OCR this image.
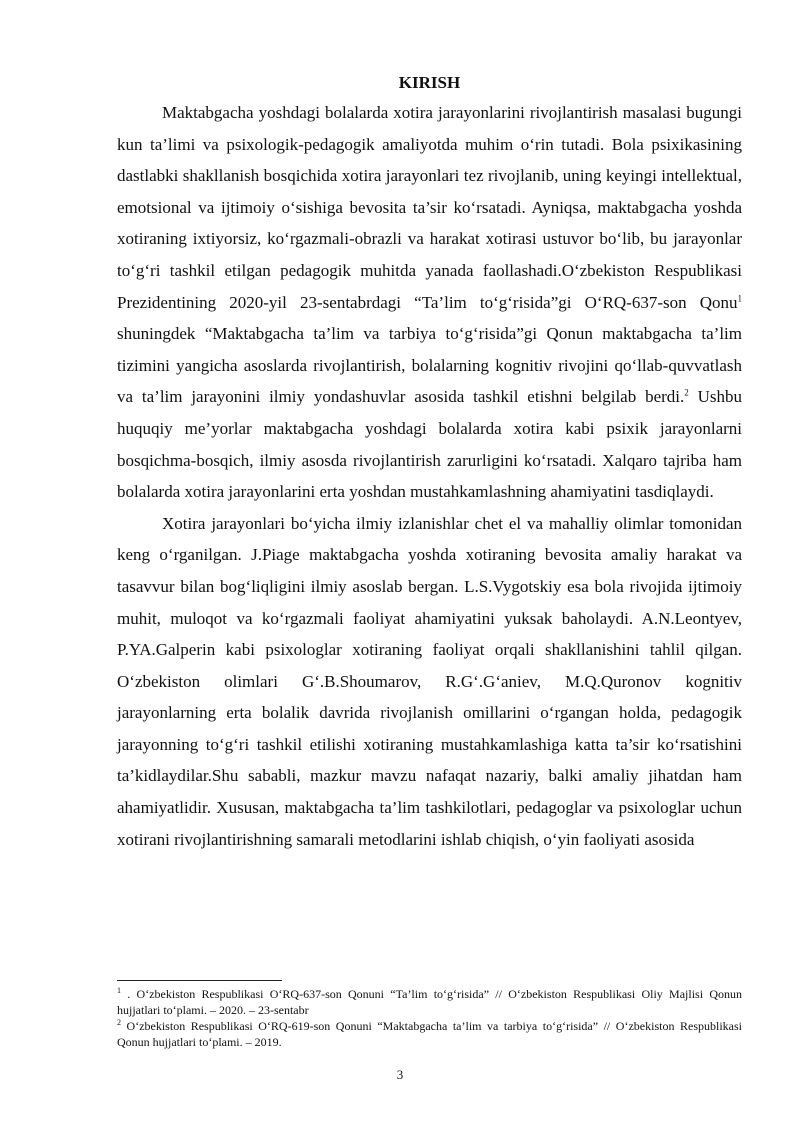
KIRISH

Maktabgacha yoshdagi bolalarda xotira jarayonlarini rivojlantirish masalasi bugungi kun ta’limi va psixologik-pedagogik amaliyotda muhim o‘rin tutadi. Bola psixikasining dastlabki shakllanish bosqichida xotira jarayonlari tez rivojlanib, uning keyingi intellektual, emotsional va ijtimoiy o‘sishiga bevosita ta’sir ko‘rsatadi. Ayniqsa, maktabgacha yoshda xotiraning ixtiyorsiz, ko‘rgazmali-obrazli va harakat xotirasi ustuvor bo‘lib, bu jarayonlar to‘g‘ri tashkil etilgan pedagogik muhitda yanada faollashadi.O‘zbekiston Respublikasi Prezidentining 2020-yil 23-sentabrdagi “Ta’lim to‘g‘risida”gi O‘RQ-637-son Qonu$^1$ shuningdek “Maktabgacha ta’lim va tarbiya to‘g‘risida”gi Qonun maktabgacha ta’lim tizimini yangicha asoslarda rivojlantirish, bolalarning kognitiv rivojini qo‘llab-quvvatlash va ta’lim jarayonini ilmiy yondashuvlar asosida tashkil etishni belgilab berdi.$^2$ Ushbu huquqiy me’yorlar maktabgacha yoshdagi bolalarda xotira kabi psixik jarayonlarni bosqichma-bosqich, ilmiy asosda rivojlantirish zarurligini ko‘rsatadi. Xalqaro tajriba ham bolalarda xotira jarayonlarini erta yoshdan mustahkamlashning ahamiyatini tasdiqlaydi.

Xotira jarayonlari bo‘yicha ilmiy izlanishlar chet el va mahalliy olimlar tomonidan keng o‘rganilgan. J.Piage maktabgacha yoshda xotiraning bevosita amaliy harakat va tasavvur bilan bog‘liqligini ilmiy asoslab bergan. L.S.Vygotskiy esa bola rivojida ijtimoiy muhit, muloqot va ko‘rgazmali faoliyat ahamiyatini yuksak baholaydi. A.N.Leontyev, P.YA.Galperin kabi psixologlar xotiraning faoliyat orqali shakllanishini tahlil qilgan. O‘zbekiston olimlari G‘.B.Shoumarov, R.G‘.G‘aniev, M.Q.Quronov kognitiv jarayonlarning erta bolalik davrida rivojlanish omillarini o‘rgangan holda, pedagogik jarayonning to‘g‘ri tashkil etilishi xotiraning mustahkamlashiga katta ta’sir ko‘rsatishini ta’kidlaydilar.Shu sababli, mazkur mavzu nafaqat nazariy, balki amaliy jihatdan ham ahamiyatlidir. Xususan, maktabgacha ta’lim tashkilotlari, pedagoglar va psixologlar uchun xotirani rivojlantirishning samarali metodlarini ishlab chiqish, o‘yin faoliyati asosida

$^1$ . O‘zbekiston Respublikasi O‘RQ-637-son Qonuni “Ta’lim to‘g‘risida” // O‘zbekiston Respublikasi Oliy Majlisi Qonun hujjatlari to‘plami. – 2020. – 23-sentabr

$^2$ O‘zbekiston Respublikasi O‘RQ-619-son Qonuni “Maktabgacha ta’lim va tarbiya to‘g‘risida” // O‘zbekiston Respublikasi Qonun hujjatlari to‘plami. – 2019.

3
